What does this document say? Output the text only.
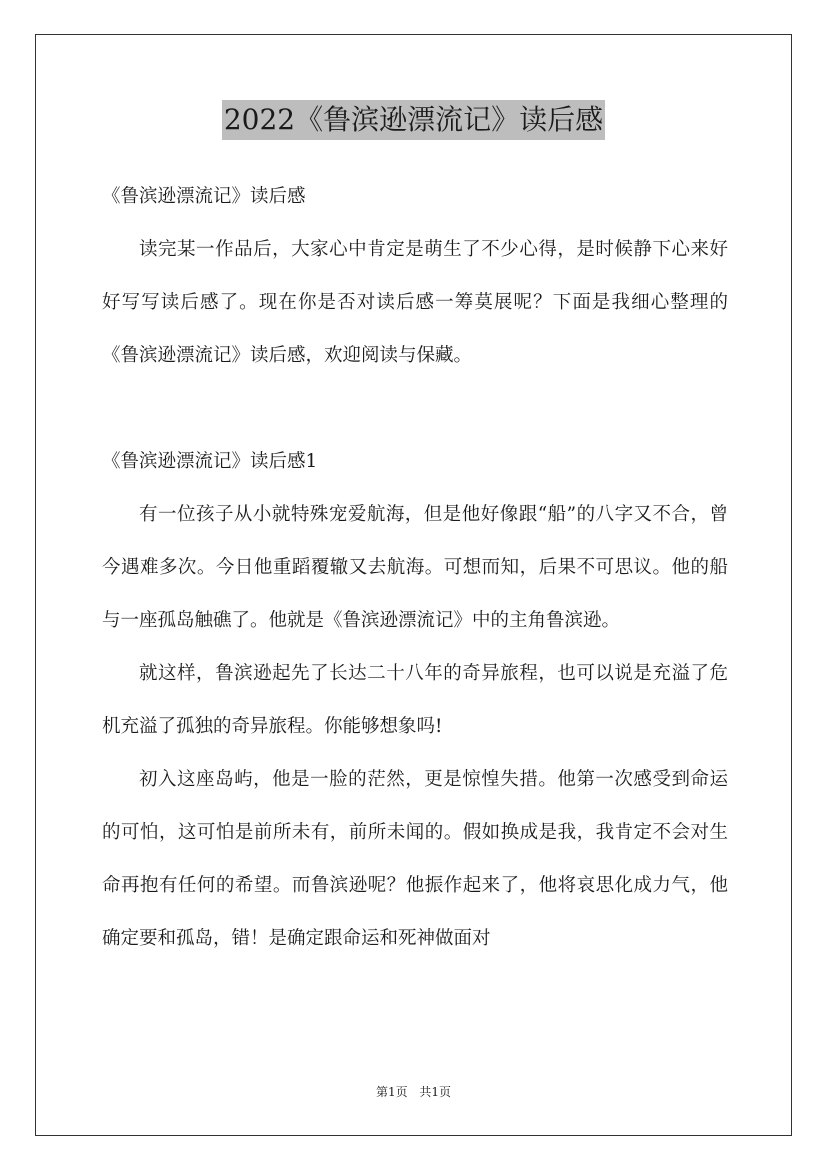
2022《鲁滨逊漂流记》读后感

《鲁滨逊漂流记》读后感

读完某一作品后，大家心中肯定是萌生了不少心得，是时候静下心来好好写写读后感了。现在你是否对读后感一筹莫展呢？下面是我细心整理的《鲁滨逊漂流记》读后感，欢迎阅读与保藏。

《鲁滨逊漂流记》读后感1

有一位孩子从小就特殊宠爱航海，但是他好像跟“船”的八字又不合，曾今遇难多次。今日他重蹈覆辙又去航海。可想而知，后果不可思议。他的船与一座孤岛触礁了。他就是《鲁滨逊漂流记》中的主角鲁滨逊。

就这样，鲁滨逊起先了长达二十八年的奇异旅程，也可以说是充溢了危机充溢了孤独的奇异旅程。你能够想象吗!

初入这座岛屿，他是一脸的茫然，更是惊惶失措。他第一次感受到命运的可怕，这可怕是前所未有，前所未闻的。假如换成是我，我肯定不会对生命再抱有任何的希望。而鲁滨逊呢？他振作起来了，他将哀思化成力气，他确定要和孤岛，错！是确定跟命运和死神做面对

第1页 共1页
